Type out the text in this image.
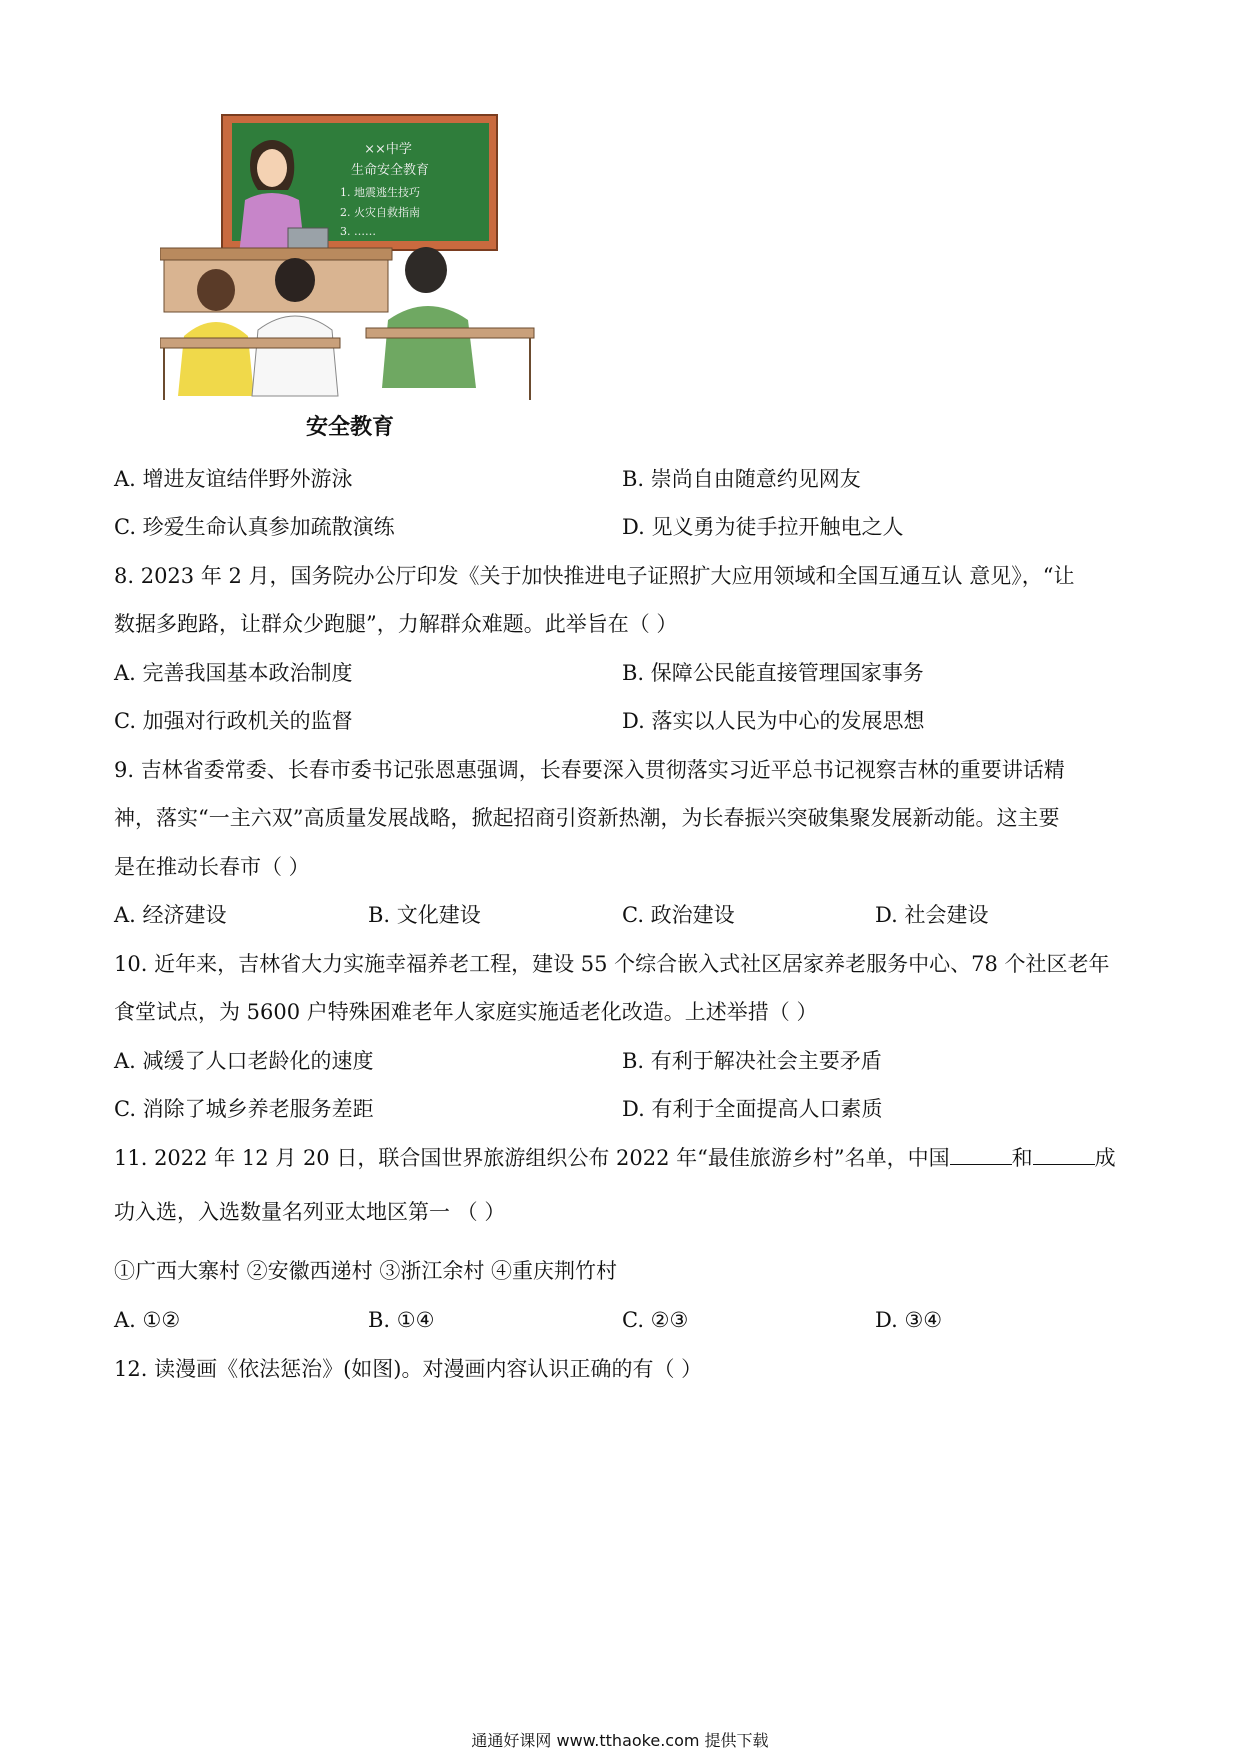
××中学
生命安全教育
1. 地震逃生技巧
2. 火灾自救指南
3. ……
安全教育
A. 增进友谊结伴野外游泳	B. 崇尚自由随意约见网友
C. 珍爱生命认真参加疏散演练	D. 见义勇为徒手拉开触电之人
8. 2023 年 2 月，国务院办公厅印发《关于加快推进电子证照扩大应用领域和全国互通互认 意见》，“让
数据多跑路，让群众少跑腿”，力解群众难题。此举旨在（ ）
A. 完善我国基本政治制度	B. 保障公民能直接管理国家事务
C. 加强对行政机关的监督	D. 落实以人民为中心的发展思想
9. 吉林省委常委、长春市委书记张恩惠强调，长春要深入贯彻落实习近平总书记视察吉林的重要讲话精
神，落实“一主六双”高质量发展战略，掀起招商引资新热潮，为长春振兴突破集聚发展新动能。这主要
是在推动长春市（ ）
A. 经济建设	B. 文化建设	C. 政治建设	D. 社会建设
10. 近年来，吉林省大力实施幸福养老工程，建设 55 个综合嵌入式社区居家养老服务中心、78 个社区老年
食堂试点，为 5600 户特殊困难老年人家庭实施适老化改造。上述举措（ ）
A. 减缓了人口老龄化的速度	B. 有利于解决社会主要矛盾
C. 消除了城乡养老服务差距	D. 有利于全面提高人口素质
11. 2022 年 12 月 20 日，联合国世界旅游组织公布 2022 年“最佳旅游乡村”名单，中国	和	成
功入选，入选数量名列亚太地区第一 （ ）
①广西大寨村 ②安徽西递村 ③浙江余村 ④重庆荆竹村
A. ①②	B. ①④	C. ②③	D. ③④
12. 读漫画《依法惩治》(如图)。对漫画内容认识正确的有（ ）
通通好课网 www.tthaoke.com 提供下载
